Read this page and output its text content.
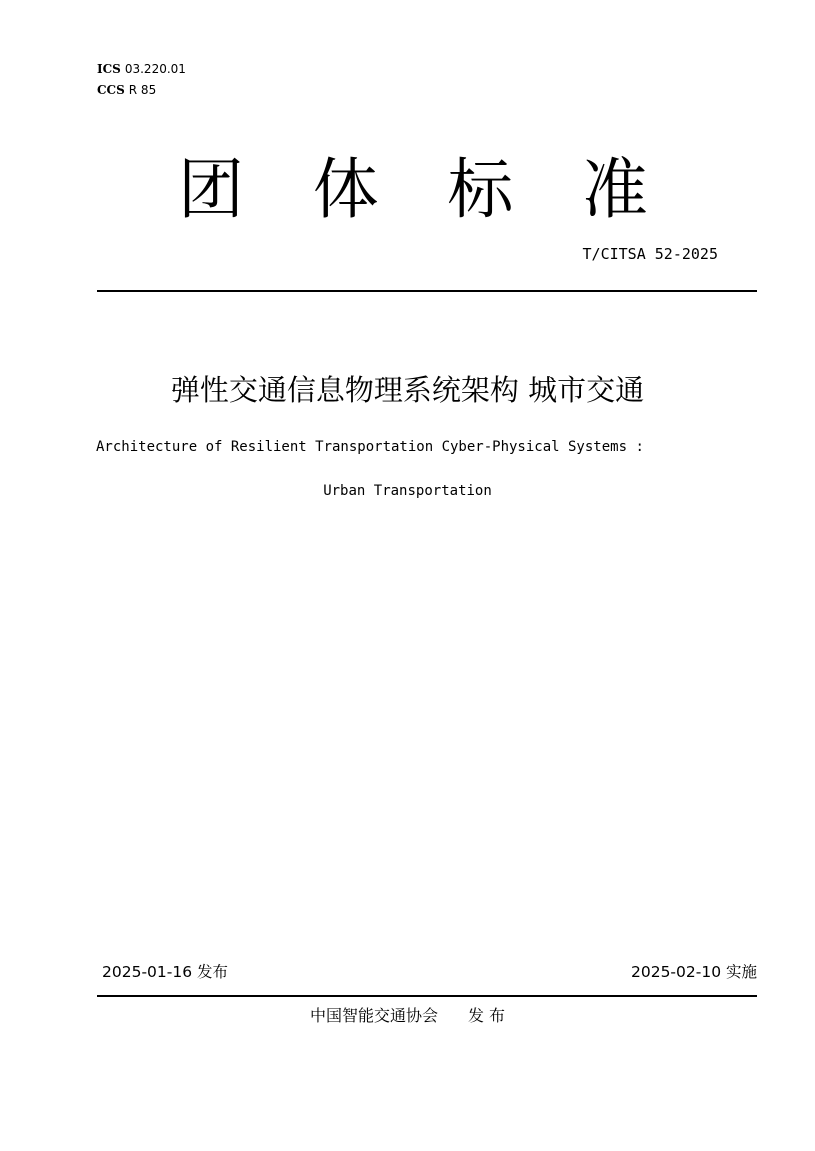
ICS 03.220.01
CCS R 85
团 体 标 准
T/CITSA 52-2025
弹性交通信息物理系统架构 城市交通
Architecture of Resilient Transportation Cyber-Physical Systems :
Urban Transportation
2025-01-16 发布	2025-02-10 实施
中国智能交通协会 发 布
